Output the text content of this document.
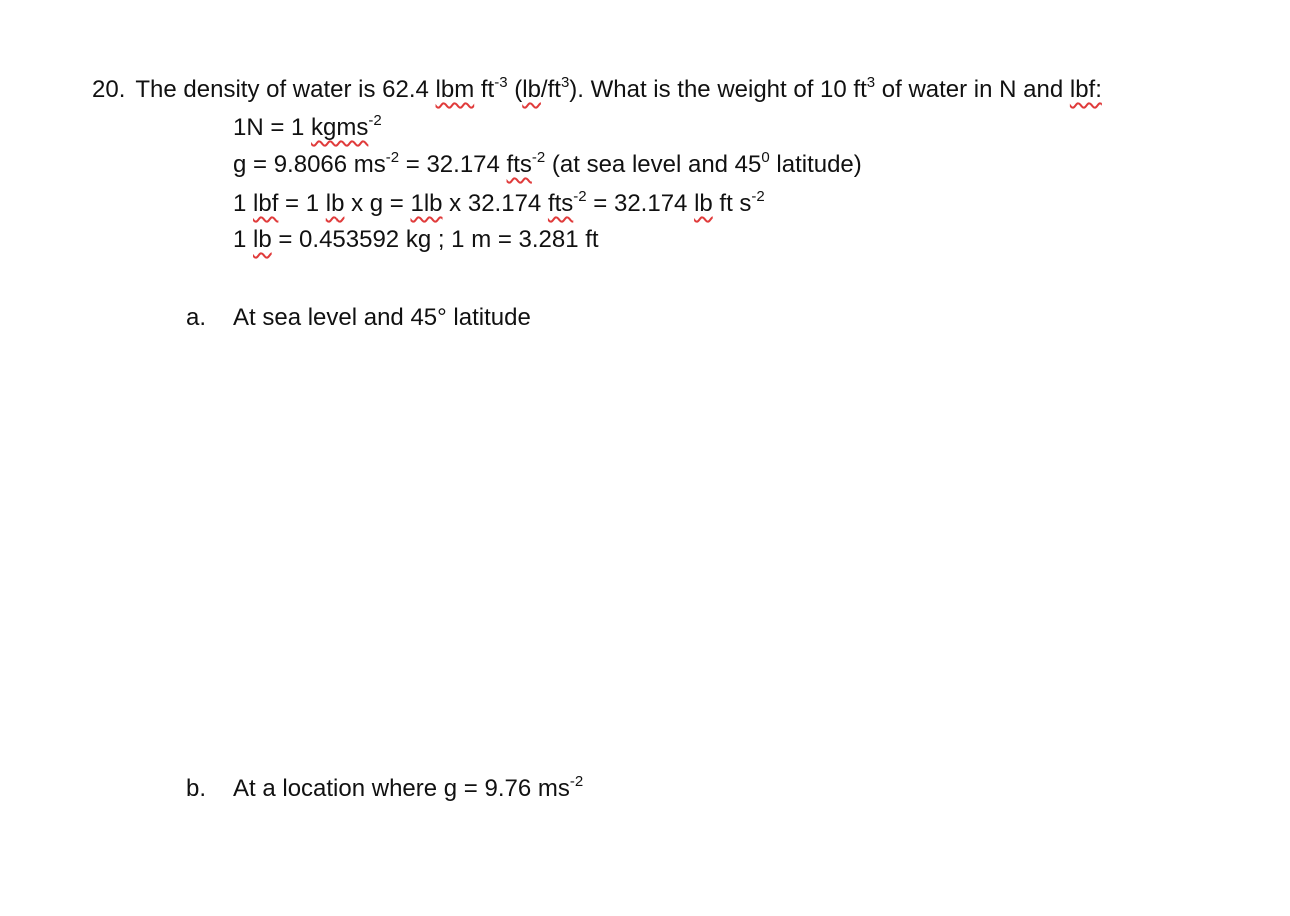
20. The density of water is 62.4 lbm $ft^{-3}$ $(lb/ft^3)$. What is the weight of 10 $ft^3$ of water in N and lbf:
1N = 1 kgms$^{-2}$
g = 9.8066 $ms^{-2} = 32.174$ fts$^{-2}$ (at sea level and $45^0$ latitude)
1 lbf = 1 lb x g = 1lb x 32.174 fts$^{-2}$ = 32.174 lb ft $s^{-2}$
1 lb = 0.453592 kg ; 1 m = 3.281 ft
a. At sea level and 45° latitude
b. At a location where g = 9.76 $ms^{-2}$
